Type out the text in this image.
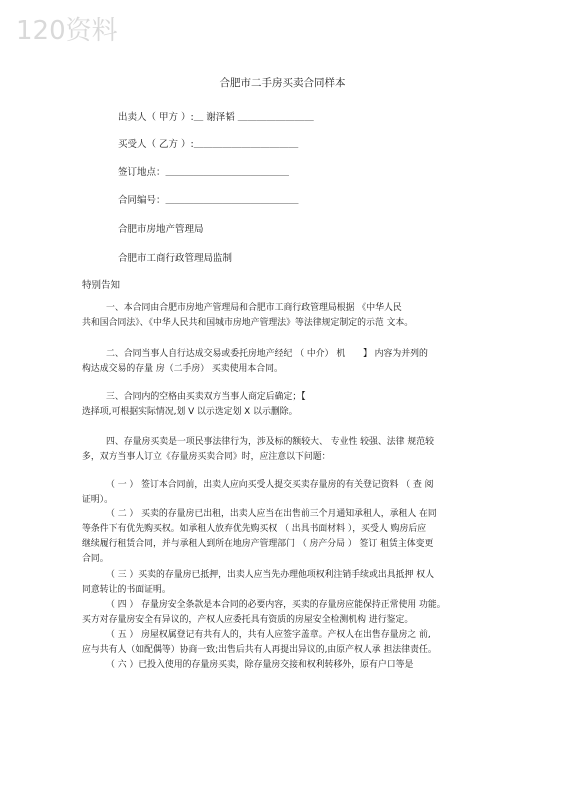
120资料
合肥市二手房买卖合同样本
出卖人（ 甲方 ）:＿ 谢泽韬 ＿＿＿＿＿＿＿＿
买受人（ 乙方 ）:＿＿＿＿＿＿＿＿＿＿＿
签订地点：＿＿＿＿＿＿＿＿＿＿＿＿＿
合同编号：＿＿＿＿＿＿＿＿＿＿＿＿＿＿
合肥市房地产管理局
合肥市工商行政管理局监制
特别告知

一、本合同由合肥市房地产管理局和合肥市工商行政管理局根据 《中华人民

共和国合同法》、《中华人民共和国城市房地产管理法》等法律规定制定的示范 文本。

二、合同当事人自行达成交易或委托房地产经纪 （ 中介） 机　　】 内容为并列的

构达成交易的存量 房（二手房） 买卖使用本合同。

三、合同内的空格由买卖双方当事人商定后确定；【

选择项,可根据实际情况,划 V 以示选定划 X 以示删除。

四、存量房买卖是一项民事法律行为，涉及标的额较大、 专业性 较强、法律 规范较

多，双方当事人订立《存量房买卖合同》时，应注意以下问题：

（ 一 ） 签订本合同前，出卖人应向买受人提交买卖存量房的有关登记资料 （ 查 阅

证明）。

（ 二 ） 买卖的存量房已出租，出卖人应当在出售前三个月通知承租人，承租人 在同

等条件下有优先购买权。如承租人放弃优先购买权 （ 出具书面材料 ），买受人 购房后应

继续履行租赁合同，并与承租人到所在地房产管理部门 （ 房产分局 ） 签订 租赁主体变更

合同。

（ 三 ）买卖的存量房已抵押，出卖人应当先办理他项权利注销手续或出具抵押 权人

同意转让的书面证明。

（ 四 ） 存量房安全条款是本合同的必要内容，买卖的存量房应能保持正常使用 功能。

买方对存量房安全有异议的，产权人应委托具有资质的房屋安全检测机构 进行鉴定。

（ 五 ） 房屋权属登记有共有人的，共有人应签字盖章。产权人在出售存量房之 前,

应与共有人（如配偶等）协商一致;出售后共有人再提出异议的,由原产权人承 担法律责任。

（ 六 ）已投入使用的存量房买卖，除存量房交接和权利转移外，原有户口等是
